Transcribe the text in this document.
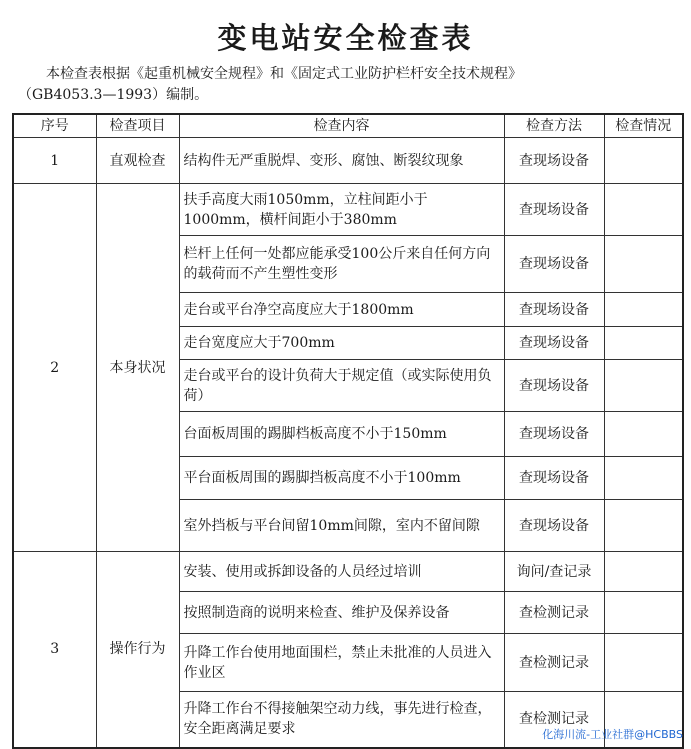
变电站安全检查表

本检查表根据《起重机械安全规程》和《固定式工业防护栏杆安全技术规程》

（GB4053.3—1993）编制。

序号	检查项目	检查内容	检查方法	检查情况
1	直观检查	结构件无严重脱焊、变形、腐蚀、断裂纹现象	查现场设备	
2	本身状况	扶手高度大雨1050mm，立柱间距小于1000mm，横杆间距小于380mm	查现场设备	
		栏杆上任何一处都应能承受100公斤来自任何方向的载荷而不产生塑性变形	查现场设备	
		走台或平台净空高度应大于1800mm	查现场设备	
		走台宽度应大于700mm	查现场设备	
		走台或平台的设计负荷大于规定值（或实际使用负荷）	查现场设备	
		台面板周围的踢脚档板高度不小于150mm	查现场设备	
		平台面板周围的踢脚挡板高度不小于100mm	查现场设备	
		室外挡板与平台间留10mm间隙，室内不留间隙	查现场设备	
3	操作行为	安装、使用或拆卸设备的人员经过培训	询问/查记录	
		按照制造商的说明来检查、维护及保养设备	查检测记录	
		升降工作台使用地面围栏，禁止未批准的人员进入作业区	查检测记录	
		升降工作台不得接触架空动力线，事先进行检查，安全距离满足要求	查检测记录	
化海川流-工业社群@HCBBS
